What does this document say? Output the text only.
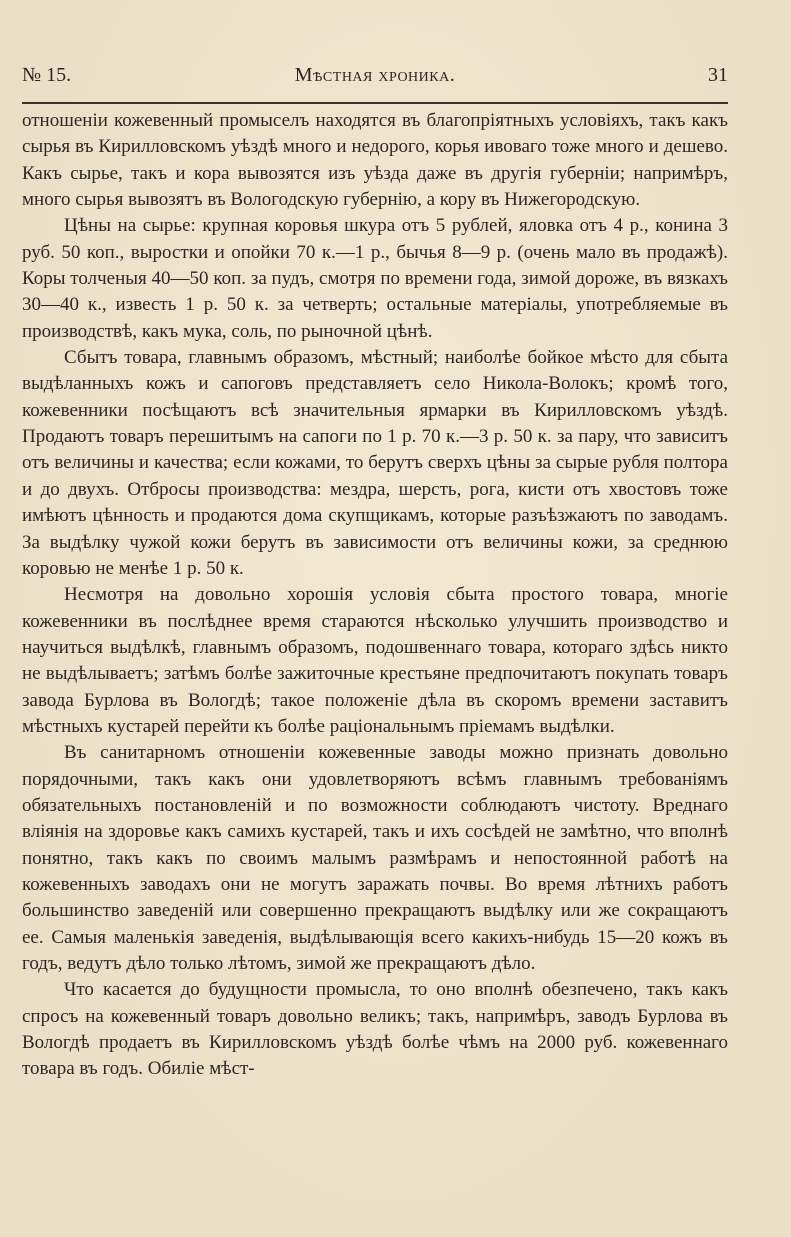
№ 15.	Мѣстная хроника.	31

отношеніи кожевенный промыселъ находятся въ благопріятныхъ условіяхъ, такъ какъ сырья въ Кирилловскомъ уѣздѣ много и недорого, корья ивоваго тоже много и дешево. Какъ сырье, такъ и кора вывозятся изъ уѣзда даже въ другія губерніи; напримѣръ, много сырья вывозятъ въ Вологодскую губернію, а кору въ Нижегородскую.

Цѣны на сырье: крупная коровья шкура отъ 5 рублей, яловка отъ 4 р., конина 3 руб. 50 коп., выростки и опойки 70 к.—1 р., бычья 8—9 р. (очень мало въ продажѣ). Коры толченыя 40—50 коп. за пудъ, смотря по времени года, зимой дороже, въ вязкахъ 30—40 к., известь 1 р. 50 к. за четверть; остальные матеріалы, употребляемые въ производствѣ, какъ мука, соль, по рыночной цѣнѣ.

Сбытъ товара, главнымъ образомъ, мѣстный; наиболѣе бойкое мѣсто для сбыта выдѣланныхъ кожъ и сапоговъ представляетъ село Никола-Волокъ; кромѣ того, кожевенники посѣщаютъ всѣ значительныя ярмарки въ Кирилловскомъ уѣздѣ. Продаютъ товаръ перешитымъ на сапоги по 1 р. 70 к.—3 р. 50 к. за пару, что зависитъ отъ величины и качества; если кожами, то берутъ сверхъ цѣны за сырые рубля полтора и до двухъ. Отбросы производства: мездра, шерсть, рога, кисти отъ хвостовъ тоже имѣютъ цѣнность и продаются дома скупщикамъ, которые разъѣзжаютъ по заводамъ. За выдѣлку чужой кожи берутъ въ зависимости отъ величины кожи, за среднюю коровью не менѣе 1 р. 50 к.

Несмотря на довольно хорошія условія сбыта простого товара, многіе кожевенники въ послѣднее время стараются нѣсколько улучшить производство и научиться выдѣлкѣ, главнымъ образомъ, подошвеннаго товара, котораго здѣсь никто не выдѣлываетъ; затѣмъ болѣе зажиточные крестьяне предпочитаютъ покупать товаръ завода Бурлова въ Вологдѣ; такое положеніе дѣла въ скоромъ времени заставитъ мѣстныхъ кустарей перейти къ болѣе раціональнымъ пріемамъ выдѣлки.

Въ санитарномъ отношеніи кожевенные заводы можно признать довольно порядочными, такъ какъ они удовлетворяютъ всѣмъ главнымъ требованіямъ обязательныхъ постановленій и по возможности соблюдаютъ чистоту. Вреднаго вліянія на здоровье какъ самихъ кустарей, такъ и ихъ сосѣдей не замѣтно, что вполнѣ понятно, такъ какъ по своимъ малымъ размѣрамъ и непостоянной работѣ на кожевенныхъ заводахъ они не могутъ заражать почвы. Во время лѣтнихъ работъ большинство заведеній или совершенно прекращаютъ выдѣлку или же сокращаютъ ее. Самыя маленькія заведенія, выдѣлывающія всего какихъ-нибудь 15—20 кожъ въ годъ, ведутъ дѣло только лѣтомъ, зимой же прекращаютъ дѣло.

Что касается до будущности промысла, то оно вполнѣ обезпечено, такъ какъ спросъ на кожевенный товаръ довольно великъ; такъ, напримѣръ, заводъ Бурлова въ Вологдѣ продаетъ въ Кирилловскомъ уѣздѣ болѣе чѣмъ на 2000 руб. кожевеннаго товара въ годъ. Обиліе мѣст-
